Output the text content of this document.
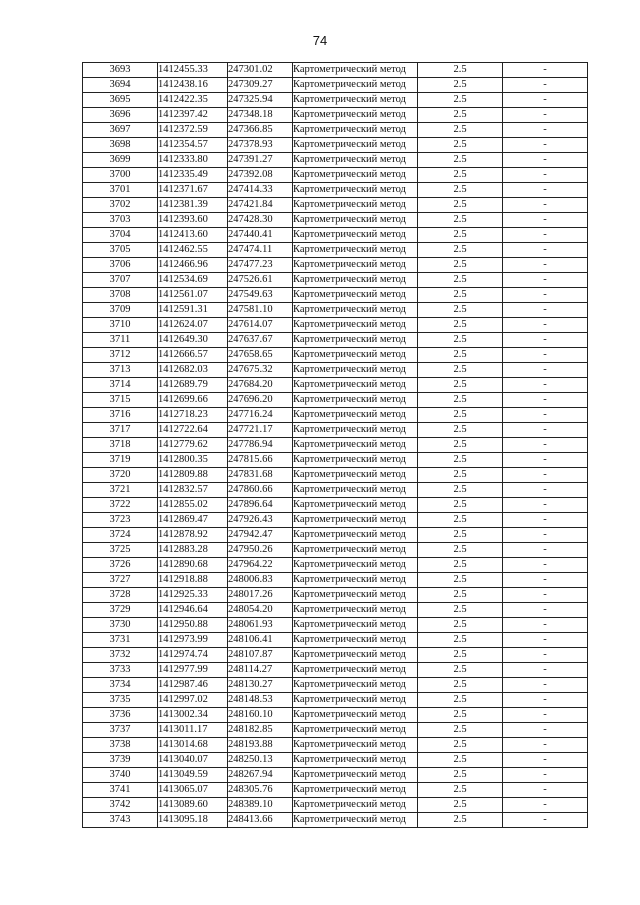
74
3693	1412455.33	247301.02	Картометрический метод	2.5	-
3694	1412438.16	247309.27	Картометрический метод	2.5	-
3695	1412422.35	247325.94	Картометрический метод	2.5	-
3696	1412397.42	247348.18	Картометрический метод	2.5	-
3697	1412372.59	247366.85	Картометрический метод	2.5	-
3698	1412354.57	247378.93	Картометрический метод	2.5	-
3699	1412333.80	247391.27	Картометрический метод	2.5	-
3700	1412335.49	247392.08	Картометрический метод	2.5	-
3701	1412371.67	247414.33	Картометрический метод	2.5	-
3702	1412381.39	247421.84	Картометрический метод	2.5	-
3703	1412393.60	247428.30	Картометрический метод	2.5	-
3704	1412413.60	247440.41	Картометрический метод	2.5	-
3705	1412462.55	247474.11	Картометрический метод	2.5	-
3706	1412466.96	247477.23	Картометрический метод	2.5	-
3707	1412534.69	247526.61	Картометрический метод	2.5	-
3708	1412561.07	247549.63	Картометрический метод	2.5	-
3709	1412591.31	247581.10	Картометрический метод	2.5	-
3710	1412624.07	247614.07	Картометрический метод	2.5	-
3711	1412649.30	247637.67	Картометрический метод	2.5	-
3712	1412666.57	247658.65	Картометрический метод	2.5	-
3713	1412682.03	247675.32	Картометрический метод	2.5	-
3714	1412689.79	247684.20	Картометрический метод	2.5	-
3715	1412699.66	247696.20	Картометрический метод	2.5	-
3716	1412718.23	247716.24	Картометрический метод	2.5	-
3717	1412722.64	247721.17	Картометрический метод	2.5	-
3718	1412779.62	247786.94	Картометрический метод	2.5	-
3719	1412800.35	247815.66	Картометрический метод	2.5	-
3720	1412809.88	247831.68	Картометрический метод	2.5	-
3721	1412832.57	247860.66	Картометрический метод	2.5	-
3722	1412855.02	247896.64	Картометрический метод	2.5	-
3723	1412869.47	247926.43	Картометрический метод	2.5	-
3724	1412878.92	247942.47	Картометрический метод	2.5	-
3725	1412883.28	247950.26	Картометрический метод	2.5	-
3726	1412890.68	247964.22	Картометрический метод	2.5	-
3727	1412918.88	248006.83	Картометрический метод	2.5	-
3728	1412925.33	248017.26	Картометрический метод	2.5	-
3729	1412946.64	248054.20	Картометрический метод	2.5	-
3730	1412950.88	248061.93	Картометрический метод	2.5	-
3731	1412973.99	248106.41	Картометрический метод	2.5	-
3732	1412974.74	248107.87	Картометрический метод	2.5	-
3733	1412977.99	248114.27	Картометрический метод	2.5	-
3734	1412987.46	248130.27	Картометрический метод	2.5	-
3735	1412997.02	248148.53	Картометрический метод	2.5	-
3736	1413002.34	248160.10	Картометрический метод	2.5	-
3737	1413011.17	248182.85	Картометрический метод	2.5	-
3738	1413014.68	248193.88	Картометрический метод	2.5	-
3739	1413040.07	248250.13	Картометрический метод	2.5	-
3740	1413049.59	248267.94	Картометрический метод	2.5	-
3741	1413065.07	248305.76	Картометрический метод	2.5	-
3742	1413089.60	248389.10	Картометрический метод	2.5	-
3743	1413095.18	248413.66	Картометрический метод	2.5	-
